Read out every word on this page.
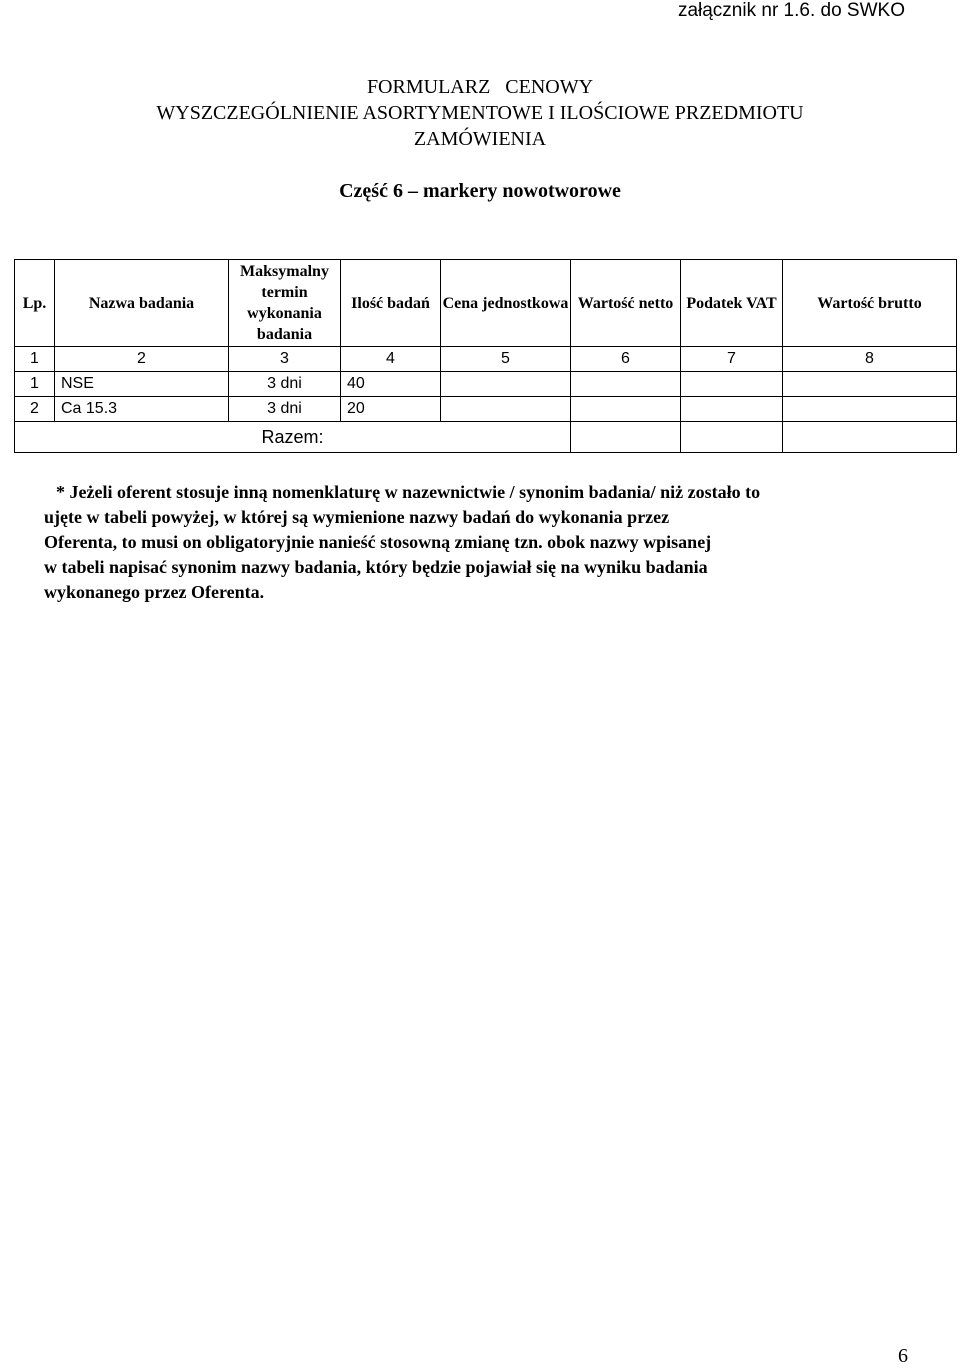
załącznik nr 1.6. do SWKO
FORMULARZ   CENOWY
WYSZCZEGÓLNIENIE ASORTYMENTOWE I ILOŚCIOWE PRZEDMIOTU
ZAMÓWIENIA
Część 6 – markery nowotworowe
Lp.	Nazwa badania	Maksymalny termin wykonania badania	Ilość badań	Cena jednostkowa	Wartość netto	Podatek VAT	Wartość brutto
1	2	3	4	5	6	7	8
1	NSE	3 dni	40				
2	Ca 15.3	3 dni	20				
Razem:							
* Jeżeli oferent stosuje inną nomenklaturę w nazewnictwie / synonim badania/ niż zostało to
ujęte w tabeli powyżej, w której są wymienione nazwy badań do wykonania przez
Oferenta, to musi on obligatoryjnie nanieść stosowną zmianę tzn. obok nazwy wpisanej
w tabeli napisać synonim nazwy badania, który będzie pojawiał się na wyniku badania
wykonanego przez Oferenta.
6
